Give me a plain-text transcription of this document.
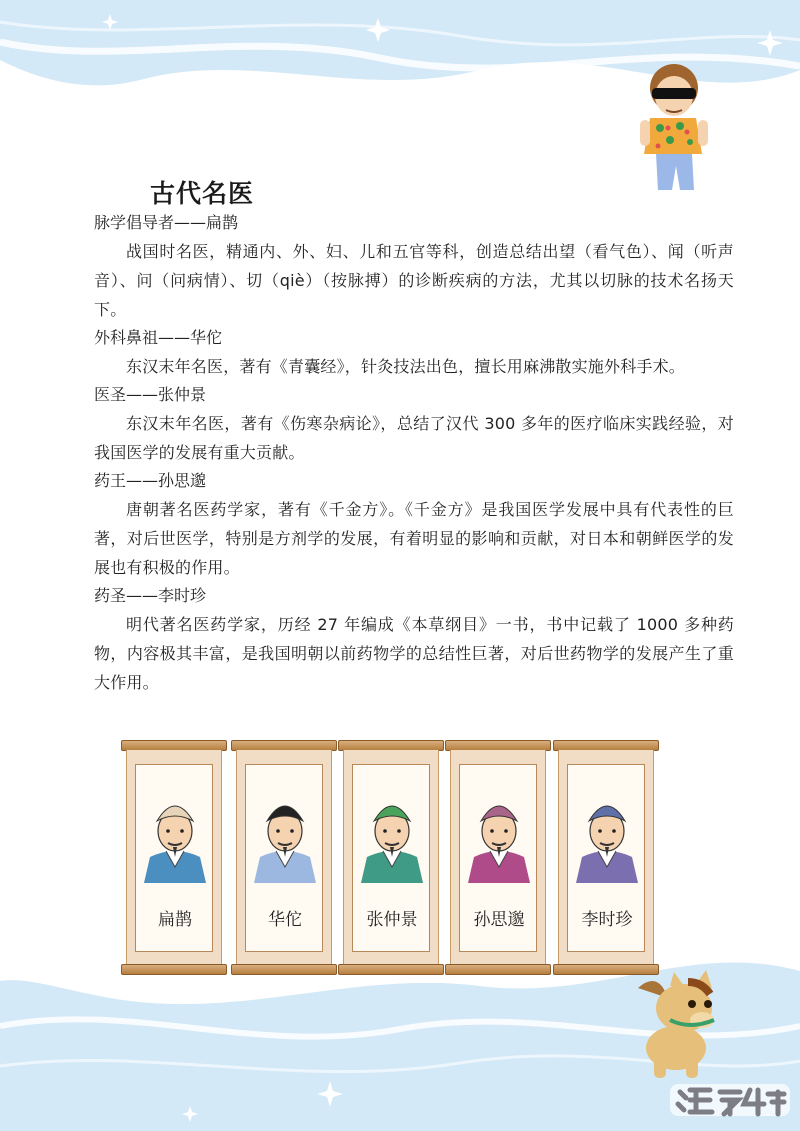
古代名医

脉学倡导者——扁鹊

战国时名医，精通内、外、妇、儿和五官等科，创造总结出望（看气色）、闻（听声音）、问（问病情）、切（qiè）（按脉搏）的诊断疾病的方法，尤其以切脉的技术名扬天下。

外科鼻祖——华佗

东汉末年名医，著有《青囊经》，针灸技法出色，擅长用麻沸散实施外科手术。

医圣——张仲景

东汉末年名医，著有《伤寒杂病论》，总结了汉代 300 多年的医疗临床实践经验，对我国医学的发展有重大贡献。

药王——孙思邈

唐朝著名医药学家，著有《千金方》。《千金方》是我国医学发展中具有代表性的巨著，对后世医学，特别是方剂学的发展，有着明显的影响和贡献，对日本和朝鲜医学的发展也有积极的作用。

药圣——李时珍

明代著名医药学家，历经 27 年编成《本草纲目》一书，书中记载了 1000 多种药物，内容极其丰富，是我国明朝以前药物学的总结性巨著，对后世药物学的发展产生了重大作用。

扁鹊	华佗	张仲景	孙思邈	李时珍
